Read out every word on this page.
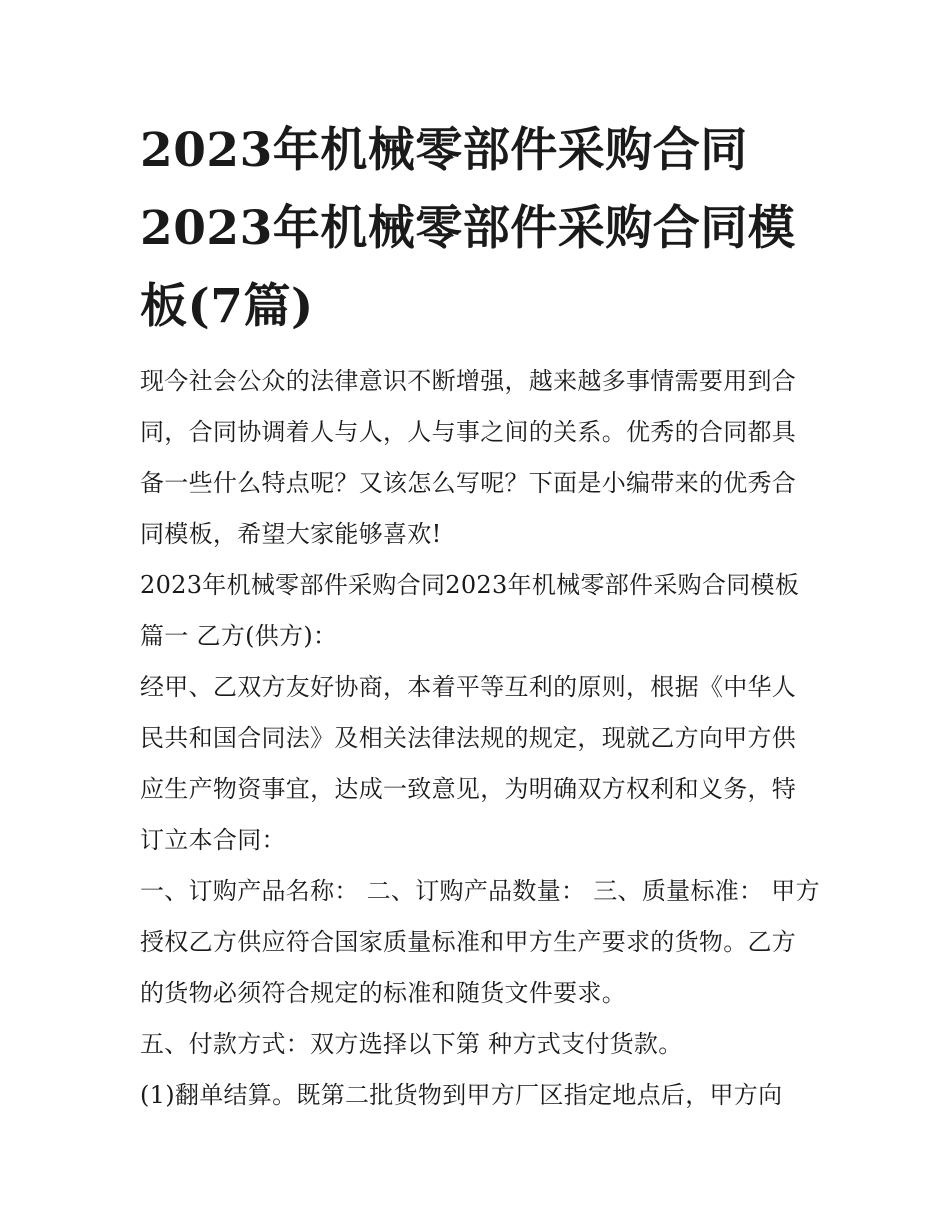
2023年机械零部件采购合同
2023年机械零部件采购合同模
板(7篇)

现今社会公众的法律意识不断增强，越来越多事情需要用到合同，合同协调着人与人，人与事之间的关系。优秀的合同都具备一些什么特点呢？又该怎么写呢？下面是小编带来的优秀合同模板，希望大家能够喜欢!

2023年机械零部件采购合同2023年机械零部件采购合同模板篇一 乙方(供方)：

经甲、乙双方友好协商，本着平等互利的原则，根据《中华人民共和国合同法》及相关法律法规的规定，现就乙方向甲方供应生产物资事宜，达成一致意见，为明确双方权利和义务，特订立本合同：

一、订购产品名称： 二、订购产品数量： 三、质量标准： 甲方授权乙方供应符合国家质量标准和甲方生产要求的货物。乙方的货物必须符合规定的标准和随货文件要求。

五、付款方式：双方选择以下第 种方式支付货款。

(1)翻单结算。既第二批货物到甲方厂区指定地点后，甲方向
